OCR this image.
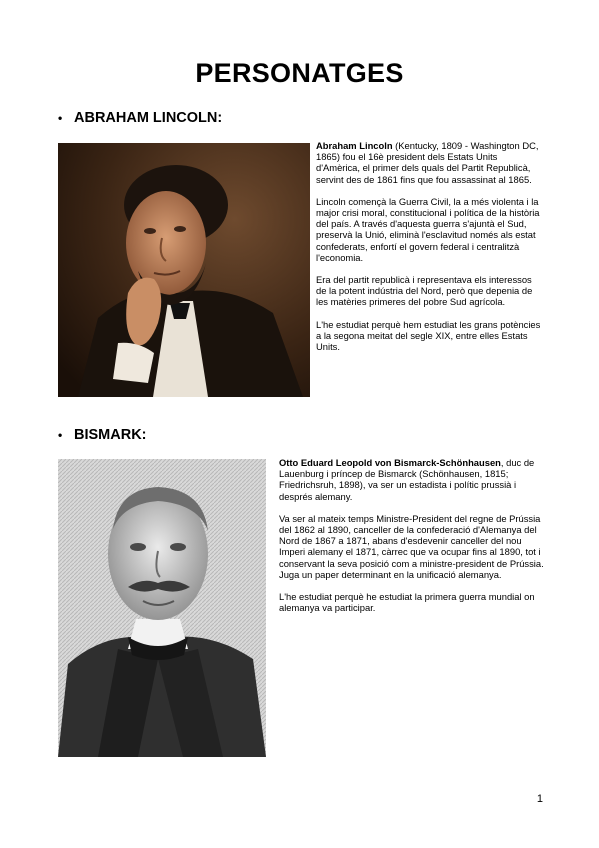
PERSONATGES
• ABRAHAM LINCOLN:

Abraham Lincoln (Kentucky, 1809 - Washington DC, 1865) fou el 16è president dels Estats Units d'Amèrica, el primer dels quals del Partit Republicà, servint des de 1861 fins que fou assassinat al 1865.

Lincoln començà la Guerra Civil, la a més violenta i la major crisi moral, constitucional i política de la història del país. A través d'aquesta guerra s'ajuntà el Sud, preservà la Unió, eliminà l'esclavitud només als estat confederats, enfortí el govern federal i centralitzà l'economia.

Era del partit republicà i representava els interessos de la potent indústria del Nord, però que depenia de les matèries primeres del pobre Sud agrícola.

L'he estudiat perquè hem estudiat les grans potències a la segona meitat del segle XIX, entre elles Estats Units.

• BISMARK:

Otto Eduard Leopold von Bismarck-Schönhausen, duc de Lauenburg i príncep de Bismarck (Schönhausen, 1815; Friedrichsruh, 1898), va ser un estadista i polític prussià i després alemany.

Va ser al mateix temps Ministre-President del regne de Prússia del 1862 al 1890, canceller de la confederació d'Alemanya del Nord de 1867 a 1871, abans d'esdevenir canceller del nou Imperi alemany el 1871, càrrec que va ocupar fins al 1890, tot i conservant la seva posició com a ministre-president de Prússia. Juga un paper determinant en la unificació alemanya.

L'he estudiat perquè he estudiat la primera guerra mundial on alemanya va participar.

1
